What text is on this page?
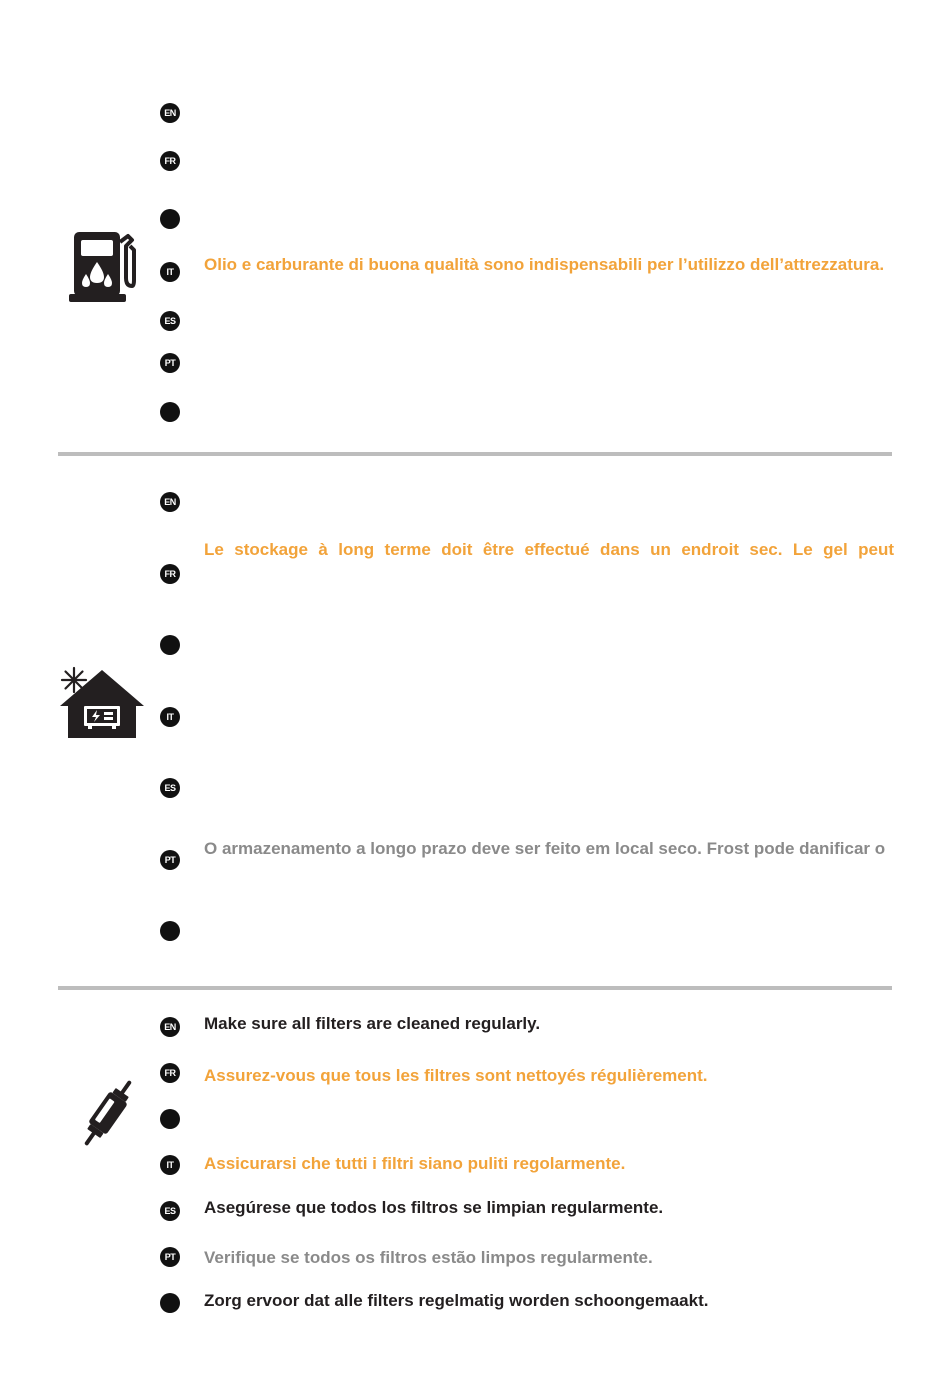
EN
FR
IT	Olio e carburante di buona qualità sono indispensabili per l’utilizzo dell’attrezzatura.
ES
PT
EN
FR
Le stockage à long terme doit être effectué dans un endroit sec. Le gel peut
IT
ES
PT
O armazenamento a longo prazo deve ser feito em local seco. Frost pode danificar o
EN Make sure all filters are cleaned regularly.
FR Assurez-vous que tous les filtres sont nettoyés régulièrement.
IT	Assicurarsi che tutti i filtri siano puliti regolarmente.
ES Asegúrese que todos los filtros se limpian regularmente.
PT Verifique se todos os filtros estão limpos regularmente.
Zorg ervoor dat alle filters regelmatig worden schoongemaakt.
